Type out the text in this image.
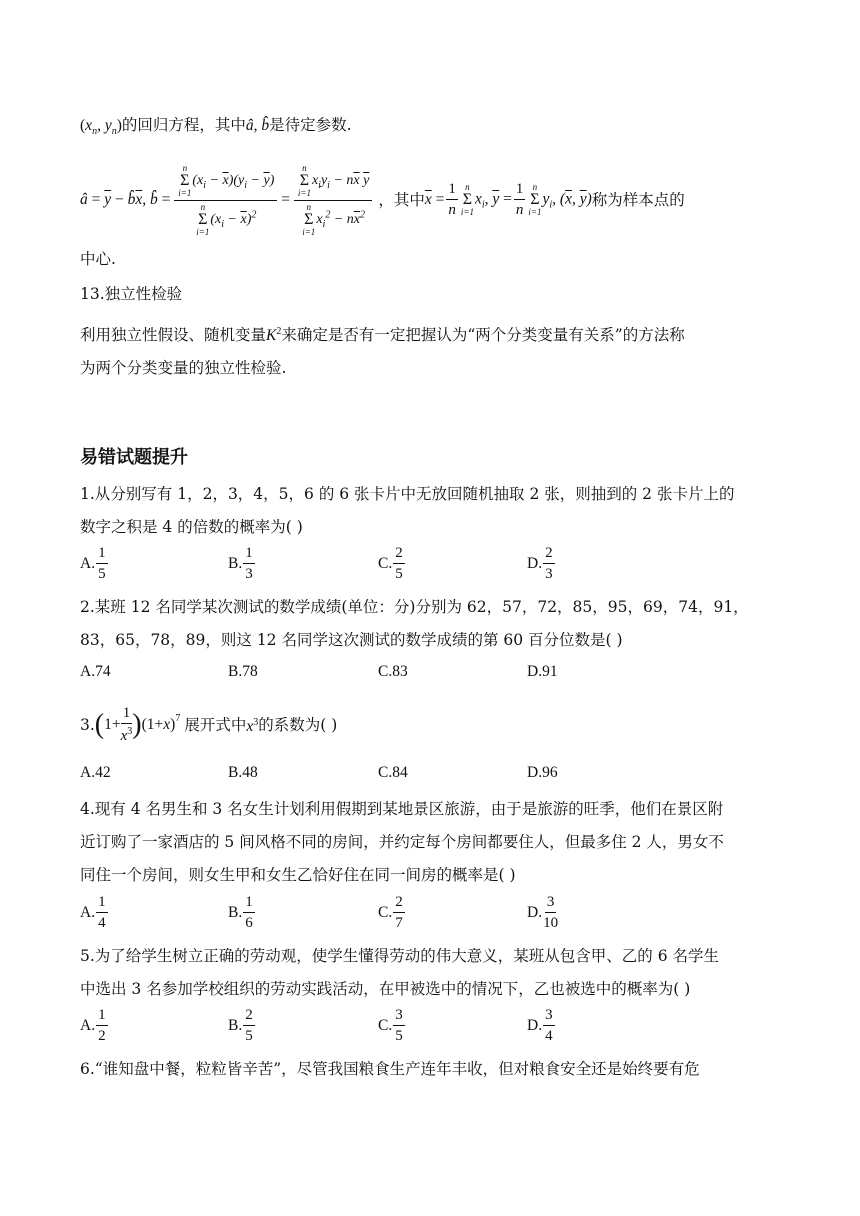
($x_n$, $y_n$)的回归方程，其中â, b̂是待定参数.
â = $\overline{y}$ − $b̂\overline{x}$, b̂ =
n
Σ
i=1
$(x_i - \overline{x})(y_i - \overline{y})$
n
Σ
i=1
$(x_i - \overline{x})^2$
=
n
Σ
i=1
$x_iy_i - n\overline{x}$ $\overline{y}$
n
Σ
i=1
$x_i^2 - n\overline{x}^2$
，其中 $\overline{x} = \frac{1}{n}$ n
Σ
i=1
$x_i$, $\overline{y} = \frac{1}{n}$ n
Σ
i=1
$y_i$, ($\overline{x}$, $\overline{y}$) 称为样本点的
中心.
13.独立性检验
利用独立性假设、随机变量$K^2$来确定是否有一定把握认为“两个分类变量有关系”的方法称
为两个分类变量的独立性检验.
易错试题提升
1.从分别写有 1，2，3，4，5，6 的 6 张卡片中无放回随机抽取 2 张，则抽到的 2 张卡片上的
数字之积是 4 的倍数的概率为( )
A. $\frac{1}{5}$	B. $\frac{1}{3}$	C. $\frac{2}{5}$	D. $\frac{2}{3}$
2.某班 12 名同学某次测试的数学成绩(单位：分)分别为 62，57，72，85，95，69，74，91，
83，65，78，89，则这 12 名同学这次测试的数学成绩的第 60 百分位数是( )
A.74	B.78	C.83	D.91
3. ( $1+ \frac{1}{x^3}$ ) (1+ x )$^7$ 展开式中 $x^3$ 的系数为( )
A.42	B.48	C.84	D.96
4.现有 4 名男生和 3 名女生计划利用假期到某地景区旅游，由于是旅游的旺季，他们在景区附
近订购了一家酒店的 5 间风格不同的房间，并约定每个房间都要住人，但最多住 2 人，男女不
同住一个房间，则女生甲和女生乙恰好住在同一间房的概率是( )
A. $\frac{1}{4}$	B. $\frac{1}{6}$	C. $\frac{2}{7}$	D. $\frac{3}{10}$
5.为了给学生树立正确的劳动观，使学生懂得劳动的伟大意义，某班从包含甲、乙的 6 名学生
中选出 3 名参加学校组织的劳动实践活动，在甲被选中的情况下，乙也被选中的概率为( )
A. $\frac{1}{2}$	B. $\frac{2}{5}$	C. $\frac{3}{5}$	D. $\frac{3}{4}$
6.“谁知盘中餐，粒粒皆辛苦”，尽管我国粮食生产连年丰收，但对粮食安全还是始终要有危
